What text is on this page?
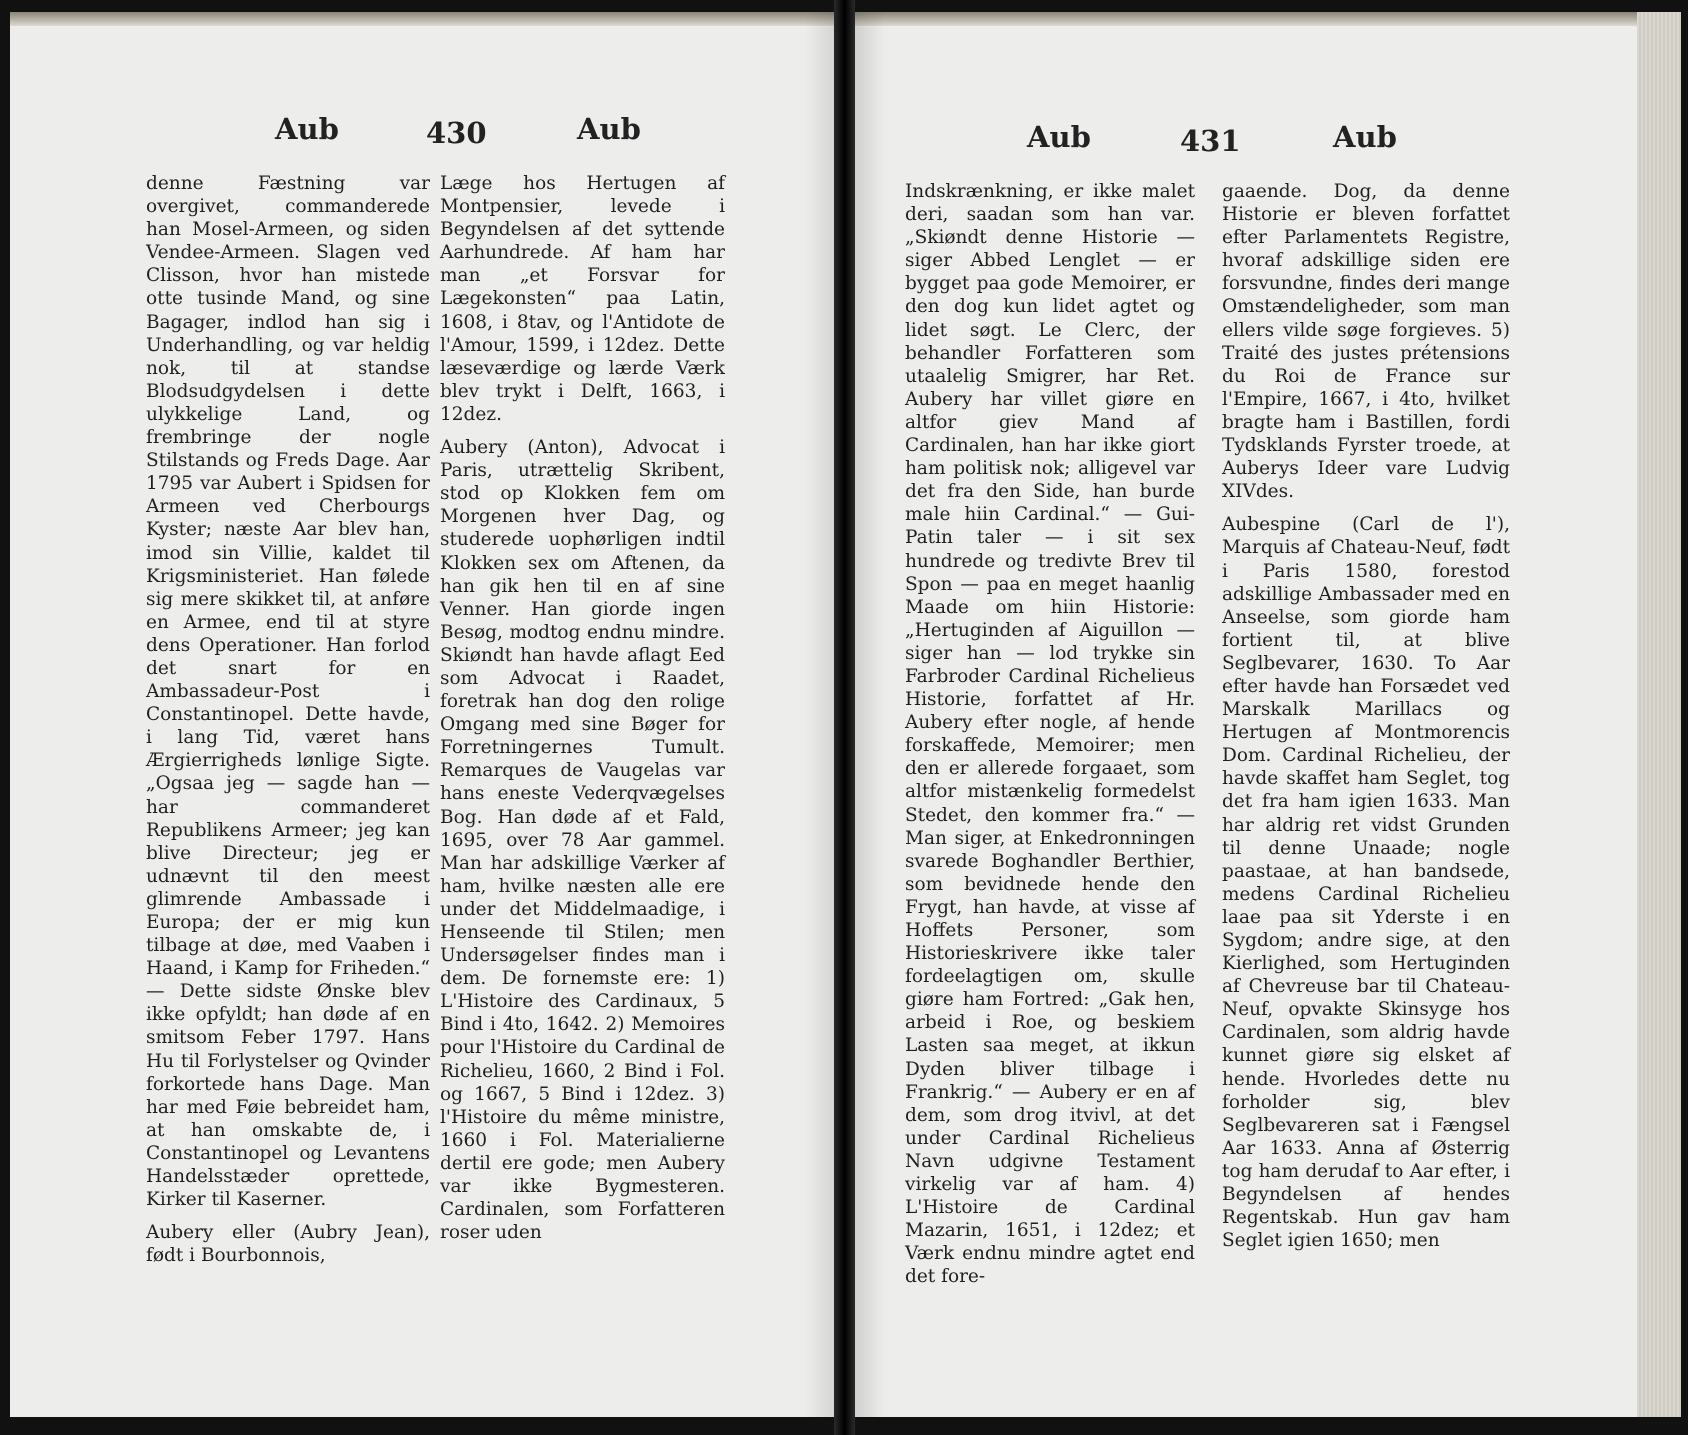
Aub	430	Aub

denne Fæstning var overgivet, commanderede han Mosel-Armeen, og siden Vendee-Armeen. Slagen ved Clisson, hvor han mistede otte tusinde Mand, og sine Bagager, indlod han sig i Underhandling, og var heldig nok, til at standse Blodsudgydelsen i dette ulykkelige Land, og frembringe der nogle Stilstands og Freds Dage. Aar 1795 var Aubert i Spidsen for Armeen ved Cherbourgs Kyster; næste Aar blev han, imod sin Villie, kaldet til Krigsministeriet. Han følede sig mere skikket til, at anføre en Armee, end til at styre dens Operationer. Han forlod det snart for en Ambassadeur-Post i Constantinopel. Dette havde, i lang Tid, været hans Ærgierrigheds lønlige Sigte. „Ogsaa jeg — sagde han — har commanderet Republikens Armeer; jeg kan blive Directeur; jeg er udnævnt til den meest glimrende Ambassade i Europa; der er mig kun tilbage at døe, med Vaaben i Haand, i Kamp for Friheden.“ — Dette sidste Ønske blev ikke opfyldt; han døde af en smitsom Feber 1797. Hans Hu til Forlystelser og Qvinder forkortede hans Dage. Man har med Føie bebreidet ham, at han omskabte de, i Constantinopel og Levantens Handelsstæder oprettede, Kirker til Kaserner.

Aubery eller (Aubry Jean), født i Bourbonnois,

Læge hos Hertugen af Montpensier, levede i Begyndelsen af det syttende Aarhundrede. Af ham har man „et Forsvar for Lægekonsten“ paa Latin, 1608, i 8tav, og l'Antidote de l'Amour, 1599, i 12dez. Dette læseværdige og lærde Værk blev trykt i Delft, 1663, i 12dez.

Aubery (Anton), Advocat i Paris, utrættelig Skribent, stod op Klokken fem om Morgenen hver Dag, og studerede uophørligen indtil Klokken sex om Aftenen, da han gik hen til en af sine Venner. Han giorde ingen Besøg, modtog endnu mindre. Skiøndt han havde aflagt Eed som Advocat i Raadet, foretrak han dog den rolige Omgang med sine Bøger for Forretningernes Tumult. Remarques de Vaugelas var hans eneste Vederqvægelses Bog. Han døde af et Fald, 1695, over 78 Aar gammel. Man har adskillige Værker af ham, hvilke næsten alle ere under det Middelmaadige, i Henseende til Stilen; men Undersøgelser findes man i dem. De fornemste ere: 1) L'Histoire des Cardinaux, 5 Bind i 4to, 1642. 2) Memoires pour l'Histoire du Cardinal de Richelieu, 1660, 2 Bind i Fol. og 1667, 5 Bind i 12dez. 3) l'Histoire du même ministre, 1660 i Fol. Materialierne dertil ere gode; men Aubery var ikke Bygmesteren. Cardinalen, som Forfatteren roser uden

Aub	431	Aub

Indskrænkning, er ikke malet deri, saadan som han var. „Skiøndt denne Historie — siger Abbed Lenglet — er bygget paa gode Memoirer, er den dog kun lidet agtet og lidet søgt. Le Clerc, der behandler Forfatteren som utaalelig Smigrer, har Ret. Aubery har villet giøre en altfor giev Mand af Cardinalen, han har ikke giort ham politisk nok; alligevel var det fra den Side, han burde male hiin Cardinal.“ — Gui-Patin taler — i sit sex hundrede og tredivte Brev til Spon — paa en meget haanlig Maade om hiin Historie: „Hertuginden af Aiguillon — siger han — lod trykke sin Farbroder Cardinal Richelieus Historie, forfattet af Hr. Aubery efter nogle, af hende forskaffede, Memoirer; men den er allerede forgaaet, som altfor mistænkelig formedelst Stedet, den kommer fra.“ — Man siger, at Enkedronningen svarede Boghandler Berthier, som bevidnede hende den Frygt, han havde, at visse af Hoffets Personer, som Historieskrivere ikke taler fordeelagtigen om, skulle giøre ham Fortred: „Gak hen, arbeid i Roe, og beskiem Lasten saa meget, at ikkun Dyden bliver tilbage i Frankrig.“ — Aubery er en af dem, som drog itvivl, at det under Cardinal Richelieus Navn udgivne Testament virkelig var af ham. 4) L'Histoire de Cardinal Mazarin, 1651, i 12dez; et Værk endnu mindre agtet end det fore-

gaaende. Dog, da denne Historie er bleven forfattet efter Parlamentets Registre, hvoraf adskillige siden ere forsvundne, findes deri mange Omstændeligheder, som man ellers vilde søge forgieves. 5) Traité des justes prétensions du Roi de France sur l'Empire, 1667, i 4to, hvilket bragte ham i Bastillen, fordi Tydsklands Fyrster troede, at Auberys Ideer vare Ludvig XIVdes.

Aubespine (Carl de l'), Marquis af Chateau-Neuf, født i Paris 1580, forestod adskillige Ambassader med en Anseelse, som giorde ham fortient til, at blive Seglbevarer, 1630. To Aar efter havde han Forsædet ved Marskalk Marillacs og Hertugen af Montmorencis Dom. Cardinal Richelieu, der havde skaffet ham Seglet, tog det fra ham igien 1633. Man har aldrig ret vidst Grunden til denne Unaade; nogle paastaae, at han bandsede, medens Cardinal Richelieu laae paa sit Yderste i en Sygdom; andre sige, at den Kierlighed, som Hertuginden af Chevreuse bar til Chateau-Neuf, opvakte Skinsyge hos Cardinalen, som aldrig havde kunnet giøre sig elsket af hende. Hvorledes dette nu forholder sig, blev Seglbevareren sat i Fængsel Aar 1633. Anna af Østerrig tog ham derudaf to Aar efter, i Begyndelsen af hendes Regentskab. Hun gav ham Seglet igien 1650; men
